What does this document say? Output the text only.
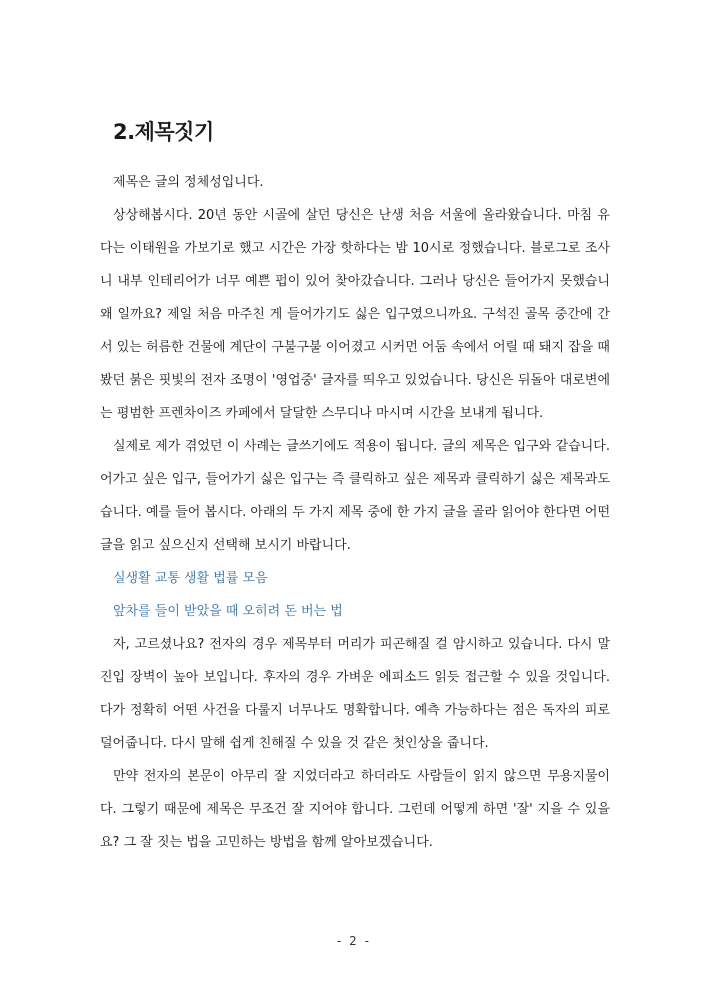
2.제목짓기
제목은 글의 정체성입니다.
상상해봅시다. 20년 동안 시골에 살던 당신은 난생 처음 서울에 올라왔습니다. 마침 유
다는 이태원을 가보기로 했고 시간은 가장 핫하다는 밤 10시로 정했습니다. 블로그로 조사
니 내부 인테리어가 너무 예쁜 펍이 있어 찾아갔습니다. 그러나 당신은 들어가지 못했습니
왜 일까요? 제일 처음 마주친 게 들어가기도 싫은 입구였으니까요. 구석진 골목 중간에 간
서 있는 허름한 건물에 계단이 구불구불 이어졌고 시커먼 어둠 속에서 어릴 때 돼지 잡을 때
봤던 붉은 핏빛의 전자 조명이 '영업중' 글자를 띄우고 있었습니다. 당신은 뒤돌아 대로변에
는 평범한 프렌차이즈 카페에서 달달한 스무디나 마시며 시간을 보내게 됩니다.
실제로 제가 겪었던 이 사례는 글쓰기에도 적용이 됩니다. 글의 제목은 입구와 같습니다.
어가고 싶은 입구, 들어가기 싫은 입구는 즉 클릭하고 싶은 제목과 클릭하기 싫은 제목과도
습니다. 예를 들어 봅시다. 아래의 두 가지 제목 중에 한 가지 글을 골라 읽어야 한다면 어떤
글을 읽고 싶으신지 선택해 보시기 바랍니다.
실생활 교통 생활 법률 모음
앞차를 들이 받았을 때 오히려 돈 버는 법
자, 고르셨나요? 전자의 경우 제목부터 머리가 피곤해질 걸 암시하고 있습니다. 다시 말
진입 장벽이 높아 보입니다. 후자의 경우 가벼운 에피소드 읽듯 접근할 수 있을 것입니다.
다가 정확히 어떤 사건을 다룰지 너무나도 명확합니다. 예측 가능하다는 점은 독자의 피로
덜어줍니다. 다시 말해 쉽게 친해질 수 있을 것 같은 첫인상을 줍니다.
만약 전자의 본문이 아무리 잘 지었더라고 하더라도 사람들이 읽지 않으면 무용지물이
다. 그렇기 때문에 제목은 무조건 잘 지어야 합니다. 그런데 어떻게 하면 '잘' 지을 수 있을
요? 그 잘 짓는 법을 고민하는 방법을 함께 알아보겠습니다.
- 2 -
